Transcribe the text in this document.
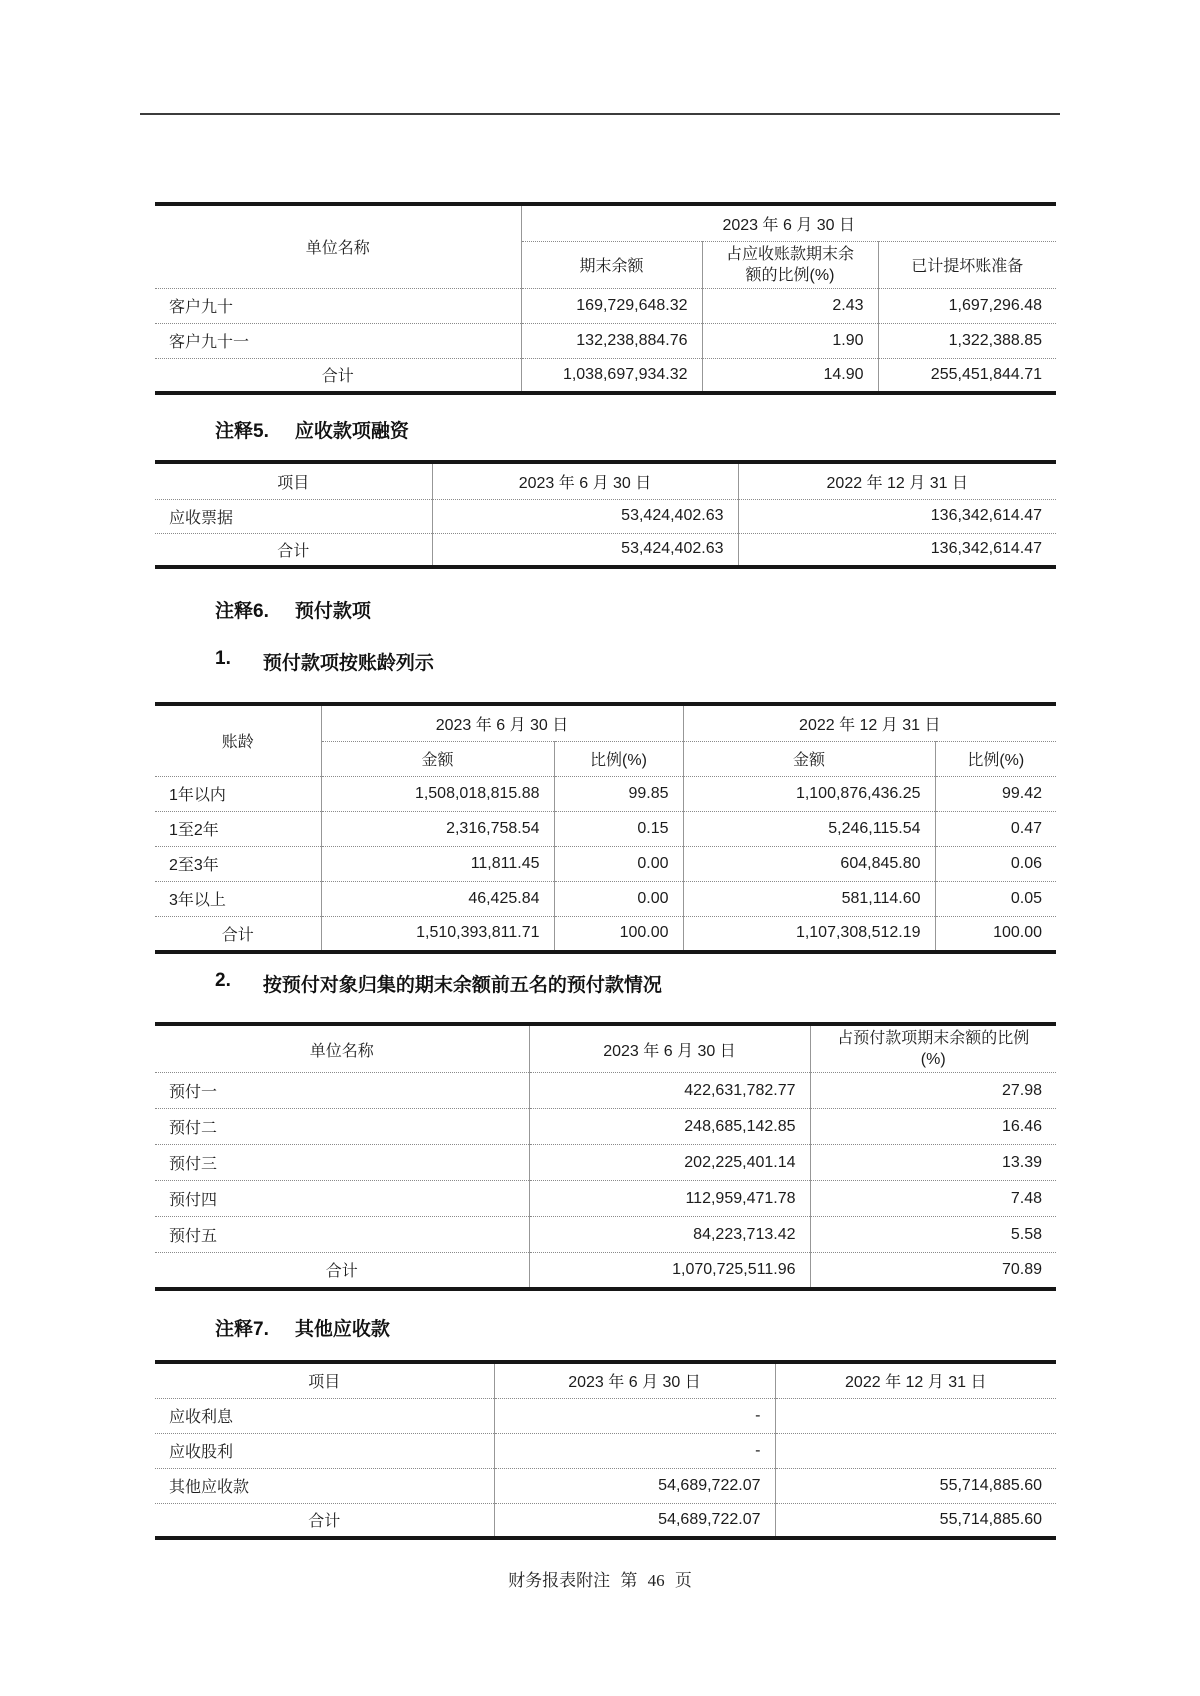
单位名称	2023 年 6 月 30 日		
	期末余额	占应收账款期末余额的比例(%)	已计提坏账准备
客户九十	169,729,648.32	2.43	1,697,296.48
客户九十一	132,238,884.76	1.90	1,322,388.85
合计	1,038,697,934.32	14.90	255,451,844.71
注释5. 应收款项融资
项目	2023 年 6 月 30 日	2022 年 12 月 31 日
应收票据	53,424,402.63	136,342,614.47
合计	53,424,402.63	136,342,614.47
注释6. 预付款项
1. 预付款项按账龄列示
账龄	2023 年 6 月 30 日		2022 年 12 月 31 日	
	金额	比例(%)	金额	比例(%)
1年以内	1,508,018,815.88	99.85	1,100,876,436.25	99.42
1至2年	2,316,758.54	0.15	5,246,115.54	0.47
2至3年	11,811.45	0.00	604,845.80	0.06
3年以上	46,425.84	0.00	581,114.60	0.05
合计	1,510,393,811.71	100.00	1,107,308,512.19	100.00
2. 按预付对象归集的期末余额前五名的预付款情况
单位名称	2023 年 6 月 30 日	占预付款项期末余额的比例(%)
预付一	422,631,782.77	27.98
预付二	248,685,142.85	16.46
预付三	202,225,401.14	13.39
预付四	112,959,471.78	7.48
预付五	84,223,713.42	5.58
合计	1,070,725,511.96	70.89
注释7. 其他应收款
项目	2023 年 6 月 30 日	2022 年 12 月 31 日
应收利息	-	
应收股利	-	
其他应收款	54,689,722.07	55,714,885.60
合计	54,689,722.07	55,714,885.60
财务报表附注 第 46 页
